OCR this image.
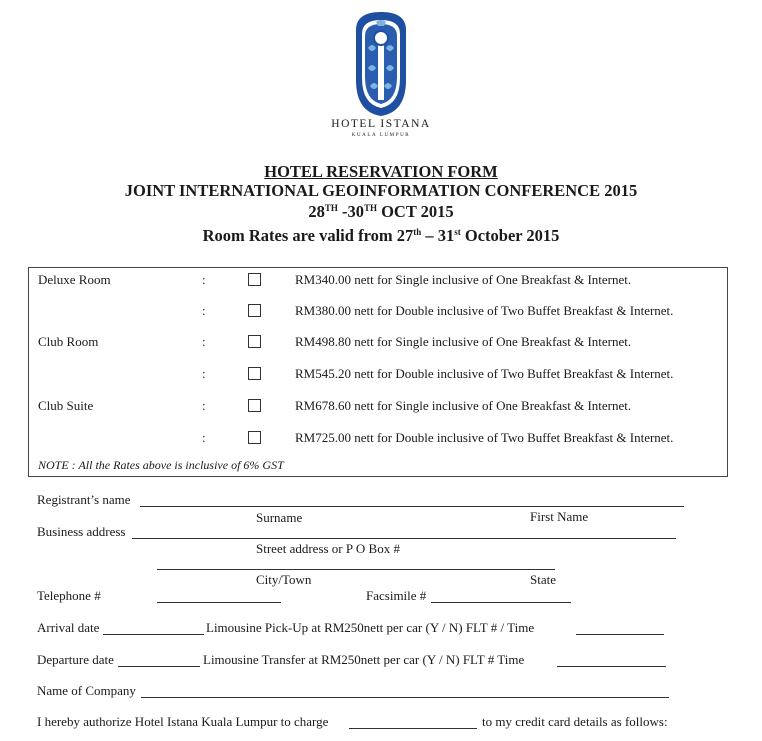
HOTEL ISTANA
KUALA LUMPUR
HOTEL RESERVATION FORM
JOINT INTERNATIONAL GEOINFORMATION CONFERENCE 2015
28TH -30TH OCT 2015
Room Rates are valid from 27th – 31st October 2015
Deluxe Room	:	RM340.00 nett for Single inclusive of One Breakfast & Internet.
:	RM380.00 nett for Double inclusive of Two Buffet Breakfast & Internet.
Club Room	:	RM498.80 nett for Single inclusive of One Breakfast & Internet.
:	RM545.20 nett for Double inclusive of Two Buffet Breakfast & Internet.
Club Suite	:	RM678.60 nett for Single inclusive of One Breakfast & Internet.
:	RM725.00 nett for Double inclusive of Two Buffet Breakfast & Internet.
NOTE : All the Rates above is inclusive of 6% GST
Registrant’s name
Surname	First Name
Business address
Street address or P O Box #
City/Town	State
Telephone #	Facsimile #
Arrival date	Limousine Pick-Up at RM250nett per car (Y / N) FLT # / Time
Departure date	Limousine Transfer at RM250nett per car (Y / N) FLT # Time
Name of Company
I hereby authorize Hotel Istana Kuala Lumpur to charge	to my credit card details as follows:
